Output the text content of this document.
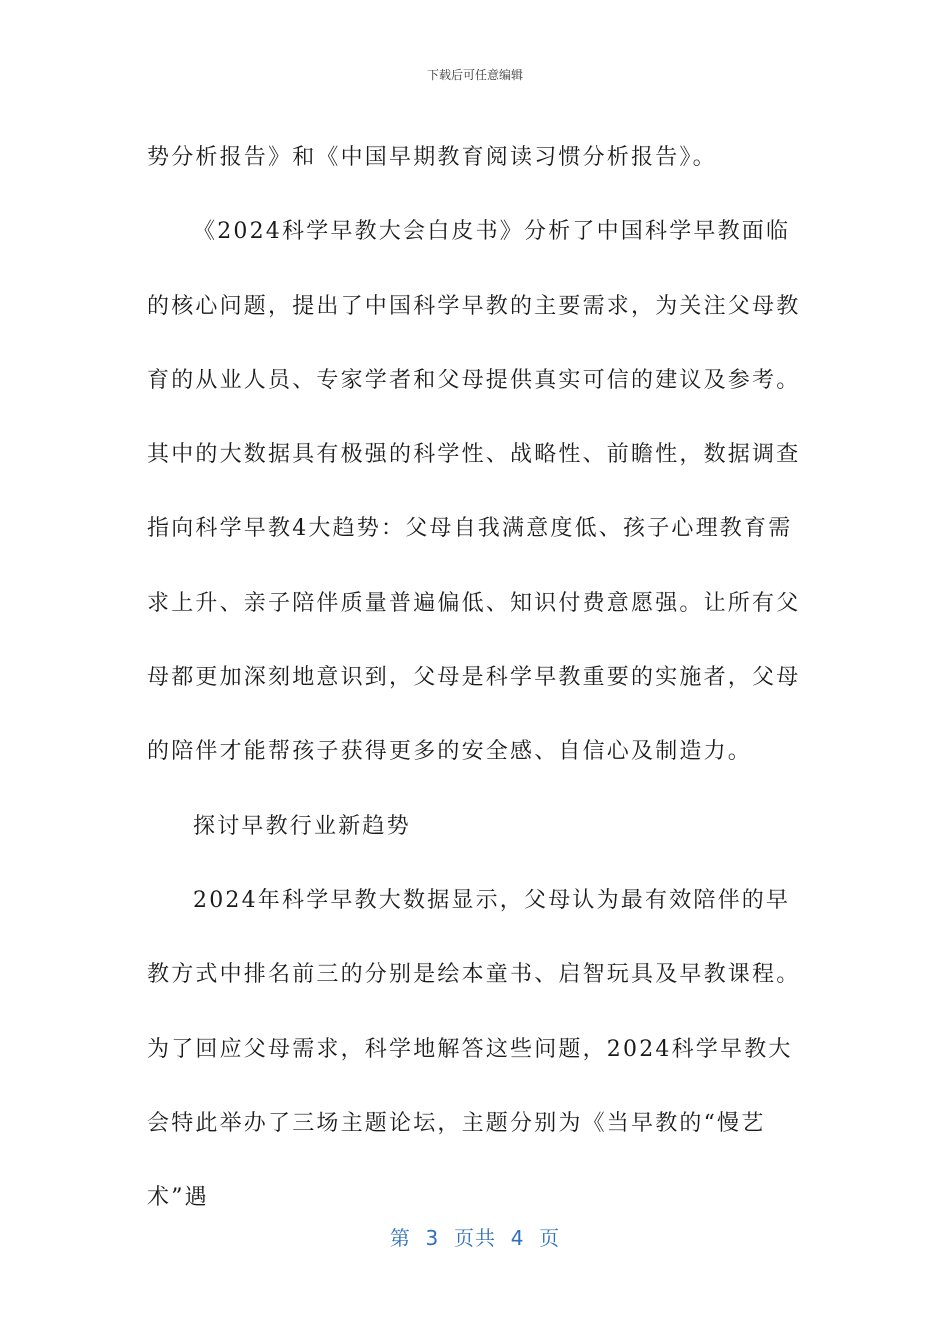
下载后可任意编辑

势分析报告》和《中国早期教育阅读习惯分析报告》。

《2024科学早教大会白皮书》分析了中国科学早教面临的核心问题，提出了中国科学早教的主要需求，为关注父母教育的从业人员、专家学者和父母提供真实可信的建议及参考。其中的大数据具有极强的科学性、战略性、前瞻性，数据调查指向科学早教4大趋势：父母自我满意度低、孩子心理教育需求上升、亲子陪伴质量普遍偏低、知识付费意愿强。让所有父母都更加深刻地意识到，父母是科学早教重要的实施者，父母的陪伴才能帮孩子获得更多的安全感、自信心及制造力。

探讨早教行业新趋势

2024年科学早教大数据显示，父母认为最有效陪伴的早教方式中排名前三的分别是绘本童书、启智玩具及早教课程。为了回应父母需求，科学地解答这些问题，2024科学早教大会特此举办了三场主题论坛，主题分别为《当早教的“慢艺术”遇

第  3  页共  4  页
